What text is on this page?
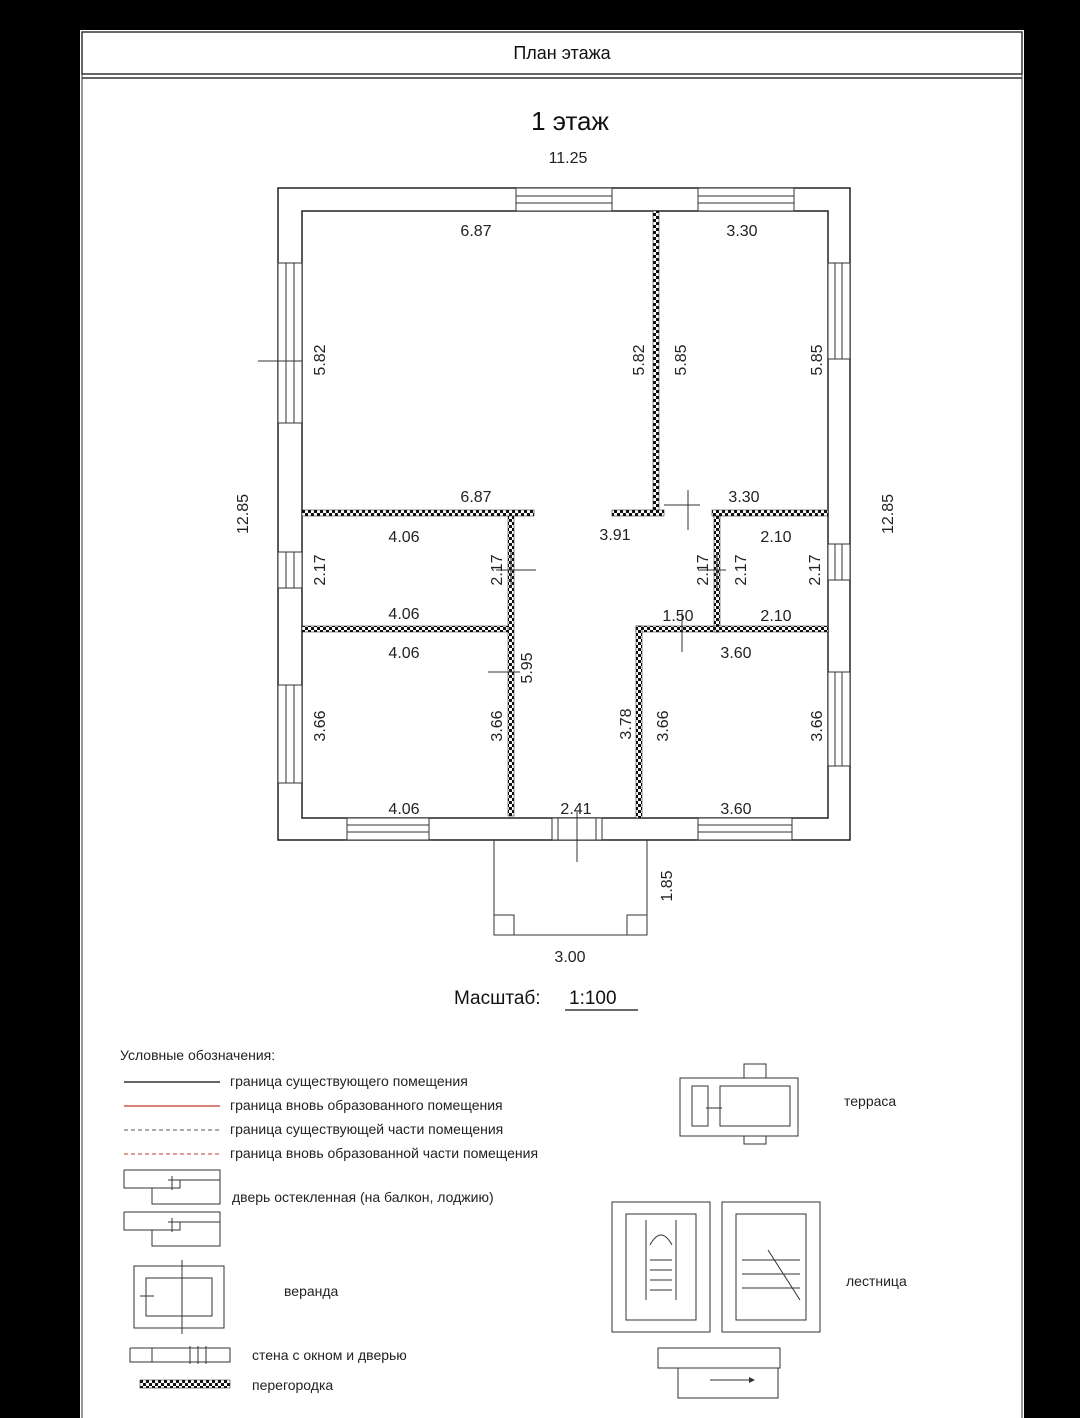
План этажа
1 этаж
11.25
6.87	3.30
5.82	5.82 5.85	5.85
12.85	12.85
6.87	3.30
3.91
4.06
2.17	2.17
4.06
2.17 2.17	2.17
2.10
2.10
1.50
4.06	5.95	3.60
3.66	3.66	3.78 3.66	3.66
4.06	2.41	3.60
1.85
3.00
Масштаб: 1:100
Условные обозначения:
граница существующего помещения
граница вновь образованного помещения
граница существующей части помещения
граница вновь образованной части помещения
дверь остекленная (на балкон, лоджию)
веранда
стена с окном и дверью
перегородка
терраса
лестница
